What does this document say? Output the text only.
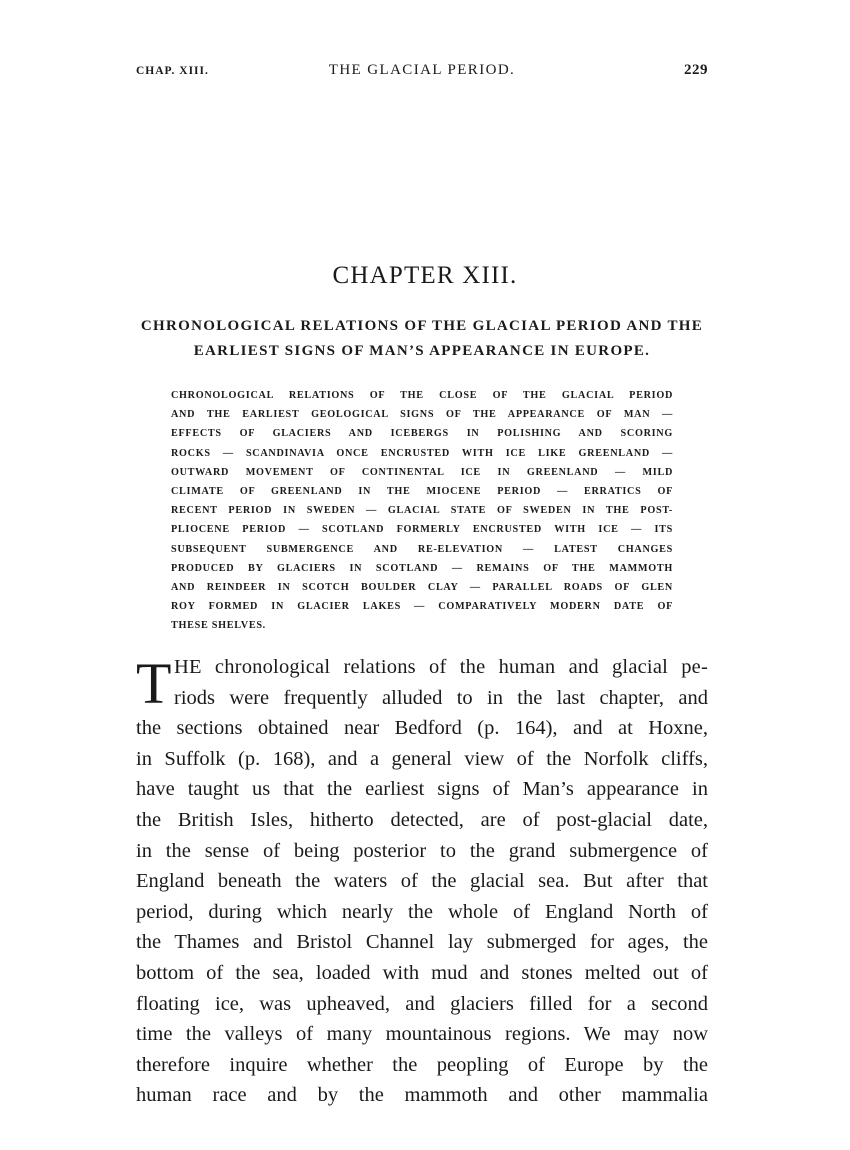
CHAP. XIII.	THE GLACIAL PERIOD.	229
CHAPTER XIII.
CHRONOLOGICAL RELATIONS OF THE GLACIAL PERIOD AND THE
EARLIEST SIGNS OF MAN’S APPEARANCE IN EUROPE.
CHRONOLOGICAL RELATIONS OF THE CLOSE OF THE GLACIAL PERIOD
AND THE EARLIEST GEOLOGICAL SIGNS OF THE APPEARANCE OF MAN —
EFFECTS OF GLACIERS AND ICEBERGS IN POLISHING AND SCORING
ROCKS — SCANDINAVIA ONCE ENCRUSTED WITH ICE LIKE GREENLAND —
OUTWARD MOVEMENT OF CONTINENTAL ICE IN GREENLAND — MILD
CLIMATE OF GREENLAND IN THE MIOCENE PERIOD — ERRATICS OF
RECENT PERIOD IN SWEDEN — GLACIAL STATE OF SWEDEN IN THE POST-
PLIOCENE PERIOD — SCOTLAND FORMERLY ENCRUSTED WITH ICE — ITS
SUBSEQUENT SUBMERGENCE AND RE-ELEVATION — LATEST CHANGES
PRODUCED BY GLACIERS IN SCOTLAND — REMAINS OF THE MAMMOTH
AND REINDEER IN SCOTCH BOULDER CLAY — PARALLEL ROADS OF GLEN
ROY FORMED IN GLACIER LAKES — COMPARATIVELY MODERN DATE OF
THESE SHELVES.
T HE chronological relations of the human and glacial pe-
riods were frequently alluded to in the last chapter, and
the sections obtained near Bedford (p. 164), and at Hoxne,
in Suffolk (p. 168), and a general view of the Norfolk cliffs,
have taught us that the earliest signs of Man’s appearance in
the British Isles, hitherto detected, are of post-glacial date,
in the sense of being posterior to the grand submergence of
England beneath the waters of the glacial sea. But after that
period, during which nearly the whole of England North of
the Thames and Bristol Channel lay submerged for ages, the
bottom of the sea, loaded with mud and stones melted out of
floating ice, was upheaved, and glaciers filled for a second
time the valleys of many mountainous regions. We may now
therefore inquire whether the peopling of Europe by the
human race and by the mammoth and other mammalia
